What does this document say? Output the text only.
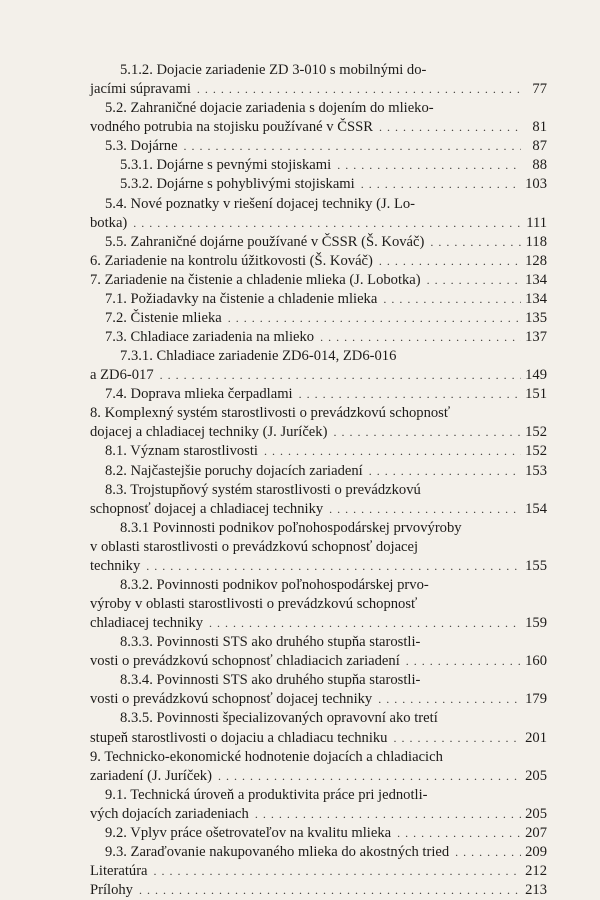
5.1.2. Dojacie zariadenie ZD 3-010 s mobilnými do-
jacími súpravami . . .	77
5.2. Zahraničné dojacie zariadenia s dojením do mlieko-
vodného potrubia na stojisku používané v ČSSR . . .	81
5.3. Dojárne . . .	87
5.3.1. Dojárne s pevnými stojiskami . . .	88
5.3.2. Dojárne s pohyblivými stojiskami . . .	103
5.4. Nové poznatky v riešení dojacej techniky (J. Lo-
botka) . . .	111
5.5. Zahraničné dojárne používané v ČSSR (Š. Kováč) . . .	118
6. Zariadenie na kontrolu úžitkovosti (Š. Kováč) . . .	128
7. Zariadenie na čistenie a chladenie mlieka (J. Lobotka) . . .	134
7.1. Požiadavky na čistenie a chladenie mlieka . . .	134
7.2. Čistenie mlieka . . .	135
7.3. Chladiace zariadenia na mlieko . . .	137
7.3.1. Chladiace zariadenie ZD6-014, ZD6-016
a ZD6-017 . . .	149
7.4. Doprava mlieka čerpadlami . . .	151
8. Komplexný systém starostlivosti o prevádzkovú schopnosť
dojacej a chladiacej techniky (J. Juríček) . . .	152
8.1. Význam starostlivosti . . .	152
8.2. Najčastejšie poruchy dojacích zariadení . . .	153
8.3. Trojstupňový systém starostlivosti o prevádzkovú
schopnosť dojacej a chladiacej techniky . . .	154
8.3.1 Povinnosti podnikov poľnohospodárskej prvovýroby
v oblasti starostlivosti o prevádzkovú schopnosť dojacej
techniky . . .	155
8.3.2. Povinnosti podnikov poľnohospodárskej prvo-
výroby v oblasti starostlivosti o prevádzkovú schopnosť
chladiacej techniky . . .	159
8.3.3. Povinnosti STS ako druhého stupňa starostli-
vosti o prevádzkovú schopnosť chladiacich zariadení . . .	160
8.3.4. Povinnosti STS ako druhého stupňa starostli-
vosti o prevádzkovú schopnosť dojacej techniky . . .	179
8.3.5. Povinnosti špecializovaných opravovní ako tretí
stupeň starostlivosti o dojaciu a chladiacu techniku . . .	201
9. Technicko-ekonomické hodnotenie dojacích a chladiacich
zariadení (J. Juríček) . . .	205
9.1. Technická úroveň a produktivita práce pri jednotli-
vých dojacích zariadeniach . . .	205
9.2. Vplyv práce ošetrovateľov na kvalitu mlieka . . .	207
9.3. Zaraďovanie nakupovaného mlieka do akostných tried . . .	209
Literatúra . . .	212
Prílohy . . .	213
